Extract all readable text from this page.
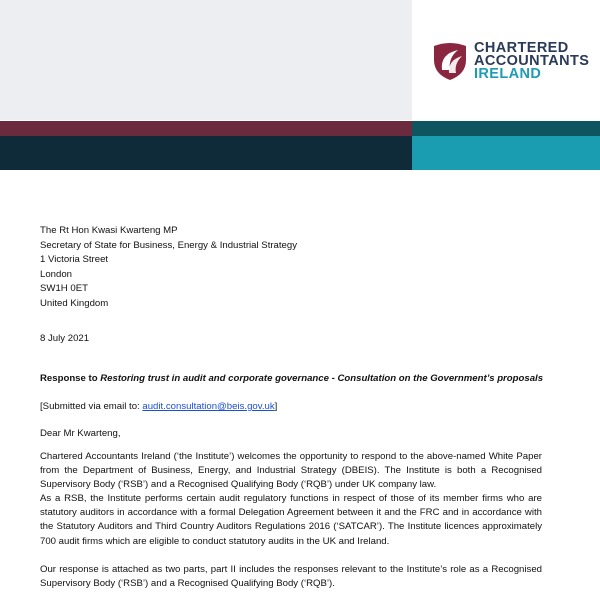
CHARTERED
ACCOUNTANTS
IRELAND
The Rt Hon Kwasi Kwarteng MP
Secretary of State for Business, Energy & Industrial Strategy
1 Victoria Street
London
SW1H 0ET
United Kingdom
8 July 2021
Response to Restoring trust in audit and corporate governance - Consultation on the Government’s proposals
[Submitted via email to: audit.consultation@beis.gov.uk]
Dear Mr Kwarteng,
Chartered Accountants Ireland (‘the Institute’) welcomes the opportunity to respond to the above-named White Paper from the Department of Business, Energy, and Industrial Strategy (DBEIS). The Institute is both a Recognised Supervisory Body (‘RSB’) and a Recognised Qualifying Body (‘RQB’) under UK company law.
As a RSB, the Institute performs certain audit regulatory functions in respect of those of its member firms who are statutory auditors in accordance with a formal Delegation Agreement between it and the FRC and in accordance with the Statutory Auditors and Third Country Auditors Regulations 2016 (‘SATCAR’). The Institute licences approximately 700 audit firms which are eligible to conduct statutory audits in the UK and Ireland.
Our response is attached as two parts, part II includes the responses relevant to the Institute’s role as a Recognised Supervisory Body (‘RSB’) and a Recognised Qualifying Body (‘RQB’).
